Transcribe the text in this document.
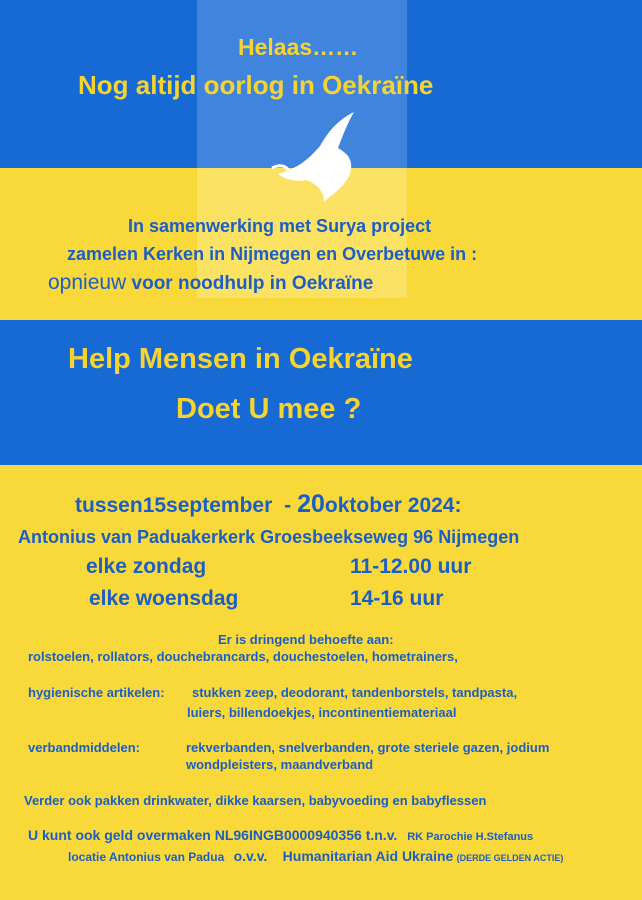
Helaas……
Nog altijd oorlog in Oekraïne
In samenwerking met Surya project
zamelen Kerken in Nijmegen en Overbetuwe in :
opnieuw voor noodhulp in Oekraïne
Help Mensen in Oekraïne
Doet U mee ?
tussen15september - 20oktober 2024:
Antonius van Paduakerkerk Groesbeekseweg 96 Nijmegen
elke zondag	11-12.00 uur
elke woensdag	14-16 uur
Er is dringend behoefte aan:
rolstoelen, rollators, douchebrancards, douchestoelen, hometrainers,
hygienische artikelen: stukken zeep, deodorant, tandenborstels, tandpasta,
luiers, billendoekjes, incontinentiemateriaal
verbandmiddelen:	rekverbanden, snelverbanden, grote steriele gazen, jodium
wondpleisters, maandverband
Verder ook pakken drinkwater, dikke kaarsen, babyvoeding en babyflessen
U kunt ook geld overmaken NL96INGB0000940356 t.n.v. RK Parochie H.Stefanus
locatie Antonius van Padua o.v.v. Humanitarian Aid Ukraine (DERDE GELDEN ACTIE)
